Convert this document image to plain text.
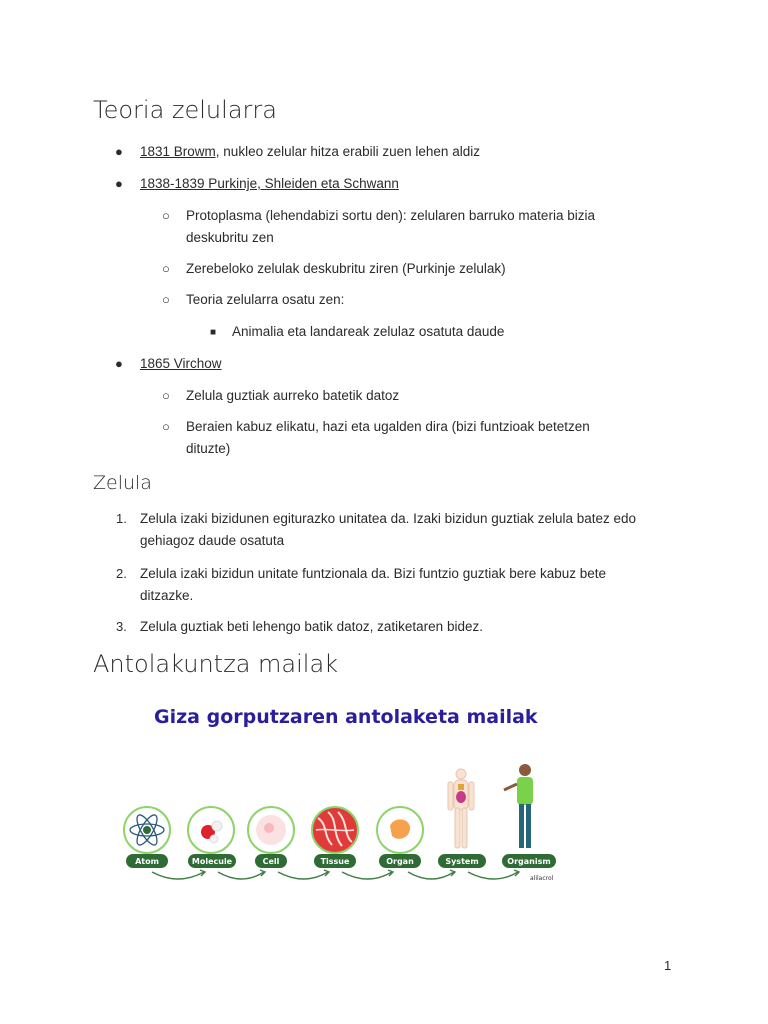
Teoria zelularra
● 1831 Browm, nukleo zelular hitza erabili zuen lehen aldiz
● 1838-1839 Purkinje, Shleiden eta Schwann
○ Protoplasma (lehendabizi sortu den): zelularen barruko materia bizia
deskubritu zen
○ Zerebeloko zelulak deskubritu ziren (Purkinje zelulak)
○ Teoria zelularra osatu zen:
■ Animalia eta landareak zelulaz osatuta daude
● 1865 Virchow
○ Zelula guztiak aurreko batetik datoz
○ Beraien kabuz elikatu, hazi eta ugalden dira (bizi funtzioak betetzen
dituzte)
Zelula
1. Zelula izaki bizidunen egiturazko unitatea da. Izaki bizidun guztiak zelula batez edo
gehiagoz daude osatuta
2. Zelula izaki bizidun unitate funtzionala da. Bizi funtzio guztiak bere kabuz bete
ditzazke.
3. Zelula guztiak beti lehengo batik datoz, zatiketaren bidez.
Antolakuntza mailak
Giza gorputzaren antolaketa mailak
Atom	Molecule	Cell	Tissue	Organ	System	Organism
alilacrol
1
